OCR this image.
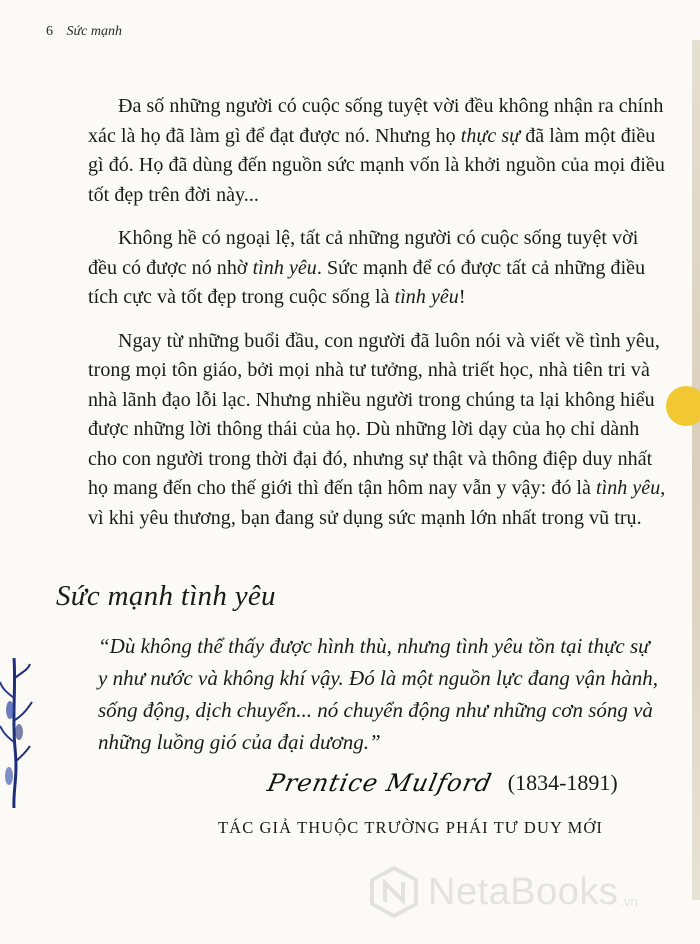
6 Sức mạnh

Đa số những người có cuộc sống tuyệt vời đều không nhận ra chính xác là họ đã làm gì để đạt được nó. Nhưng họ thực sự đã làm một điều gì đó. Họ đã dùng đến nguồn sức mạnh vốn là khởi nguồn của mọi điều tốt đẹp trên đời này...

Không hề có ngoại lệ, tất cả những người có cuộc sống tuyệt vời đều có được nó nhờ tình yêu. Sức mạnh để có được tất cả những điều tích cực và tốt đẹp trong cuộc sống là tình yêu!

Ngay từ những buổi đầu, con người đã luôn nói và viết về tình yêu, trong mọi tôn giáo, bởi mọi nhà tư tưởng, nhà triết học, nhà tiên tri và nhà lãnh đạo lỗi lạc. Nhưng nhiều người trong chúng ta lại không hiểu được những lời thông thái của họ. Dù những lời dạy của họ chỉ dành cho con người trong thời đại đó, nhưng sự thật và thông điệp duy nhất họ mang đến cho thế giới thì đến tận hôm nay vẫn y vậy: đó là tình yêu, vì khi yêu thương, bạn đang sử dụng sức mạnh lớn nhất trong vũ trụ.

Sức mạnh tình yêu
“Dù không thể thấy được hình thù, nhưng tình yêu tồn tại thực sự y như nước và không khí vậy. Đó là một nguồn lực đang vận hành, sống động, dịch chuyển... nó chuyển động như những cơn sóng và những luồng gió của đại dương.”
Prentice Mulford (1834-1891)
TÁC GIẢ THUỘC TRƯỜNG PHÁI TƯ DUY MỚI
NetaBooks .vn
